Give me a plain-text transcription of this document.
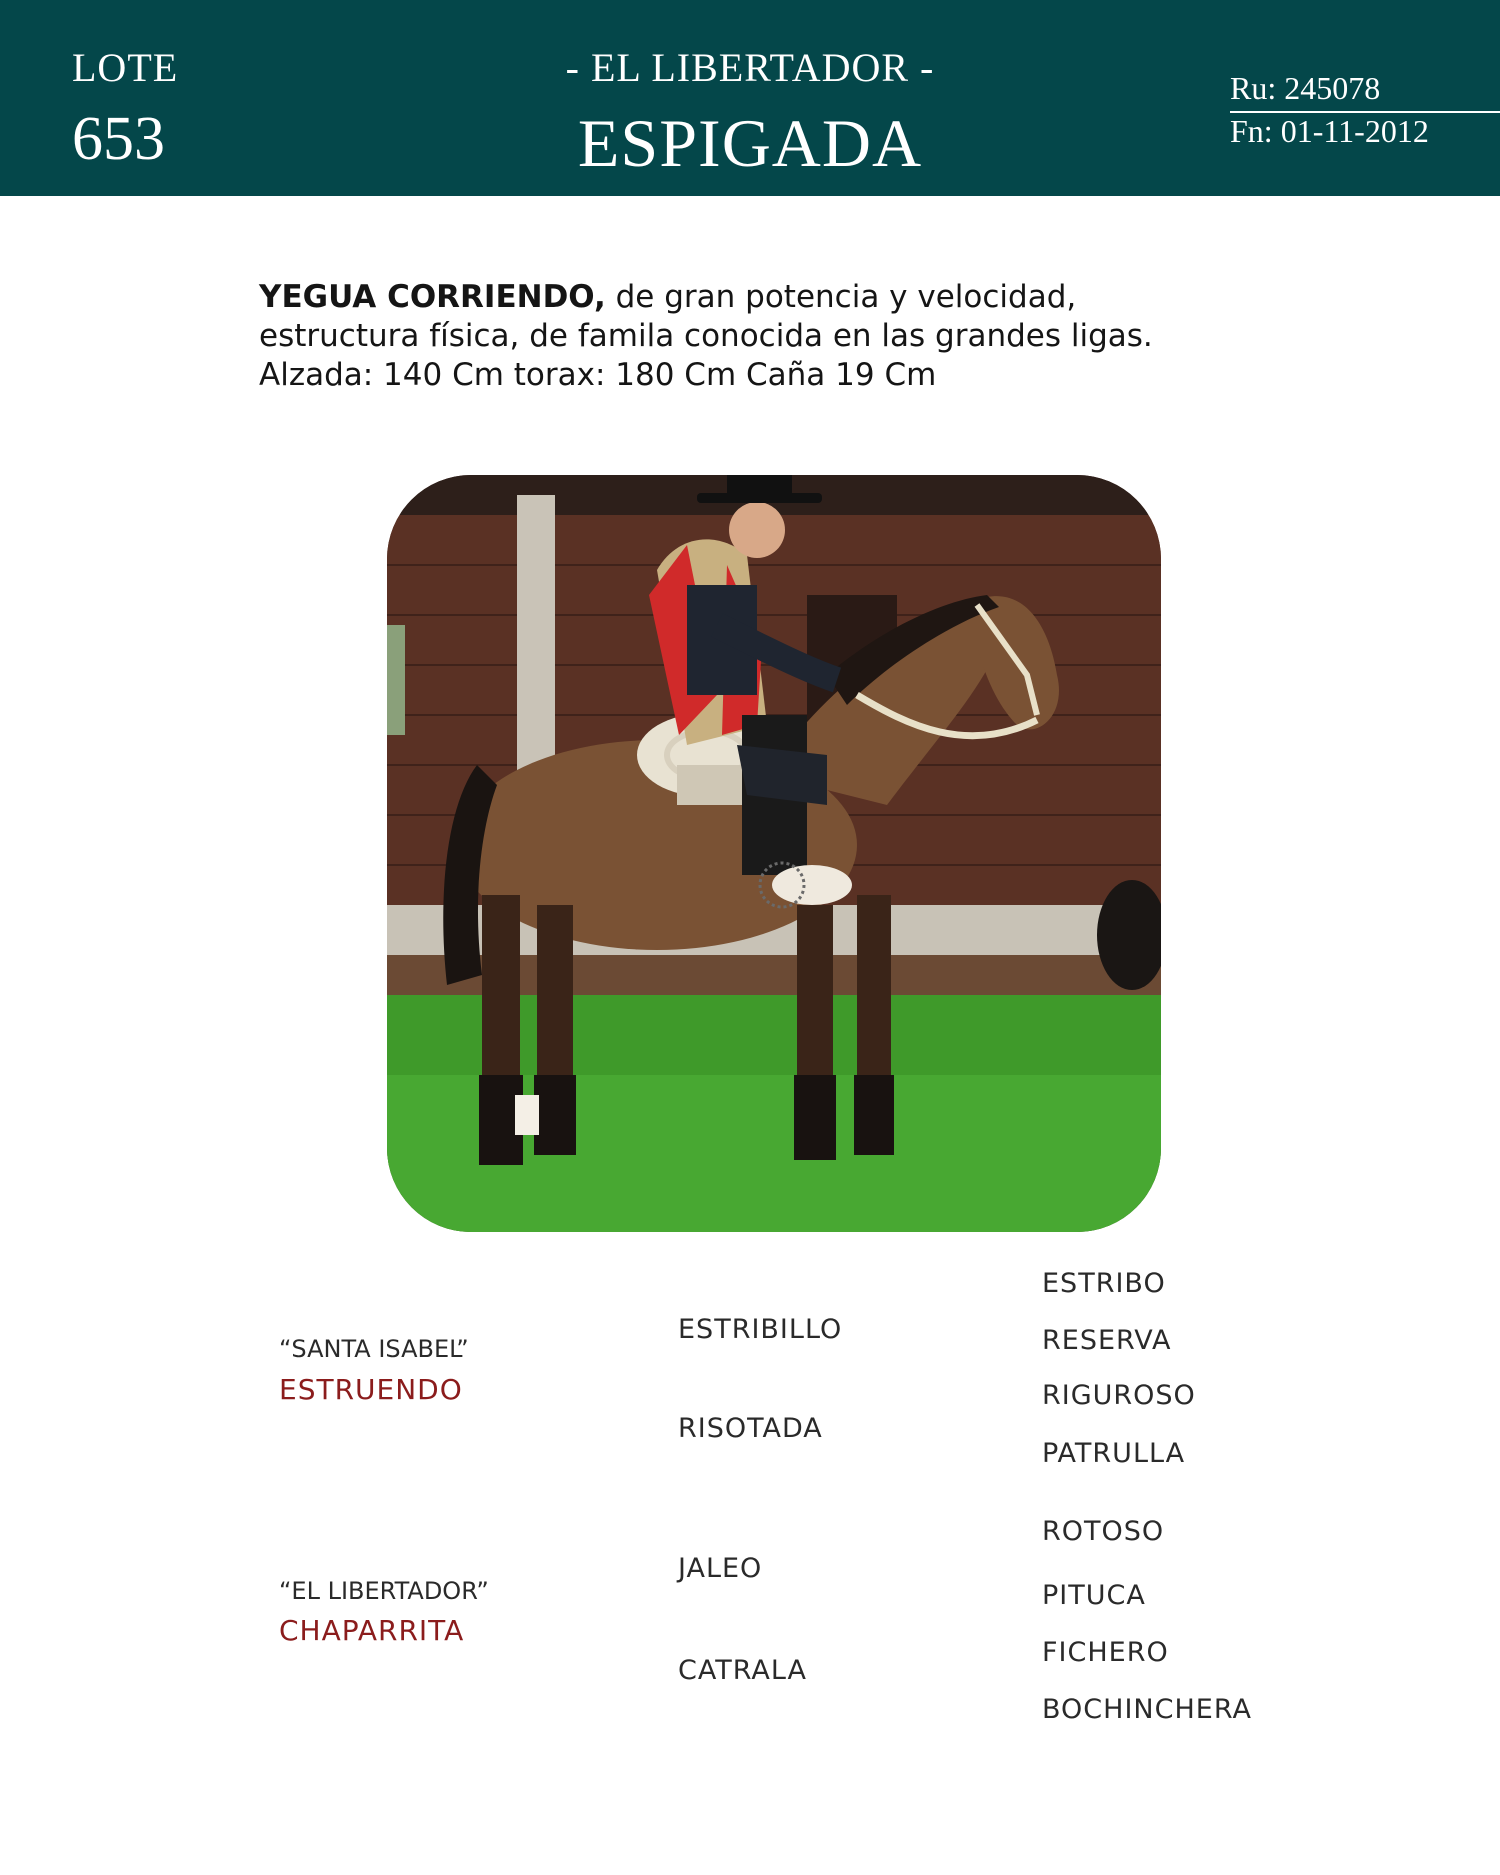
LOTE
653
- EL LIBERTADOR -
ESPIGADA
Ru: 245078
Fn: 01-11-2012
YEGUA CORRIENDO, de gran potencia y velocidad, estructura física, de famila conocida en las grandes ligas. Alzada: 140 Cm torax: 180 Cm Caña 19 Cm
“SANTA ISABEL”
ESTRUENDO
“EL LIBERTADOR”
CHAPARRITA
ESTRIBILLO
RISOTADA
JALEO
CATRALA
ESTRIBO
RESERVA
RIGUROSO
PATRULLA
ROTOSO
PITUCA
FICHERO
BOCHINCHERA
